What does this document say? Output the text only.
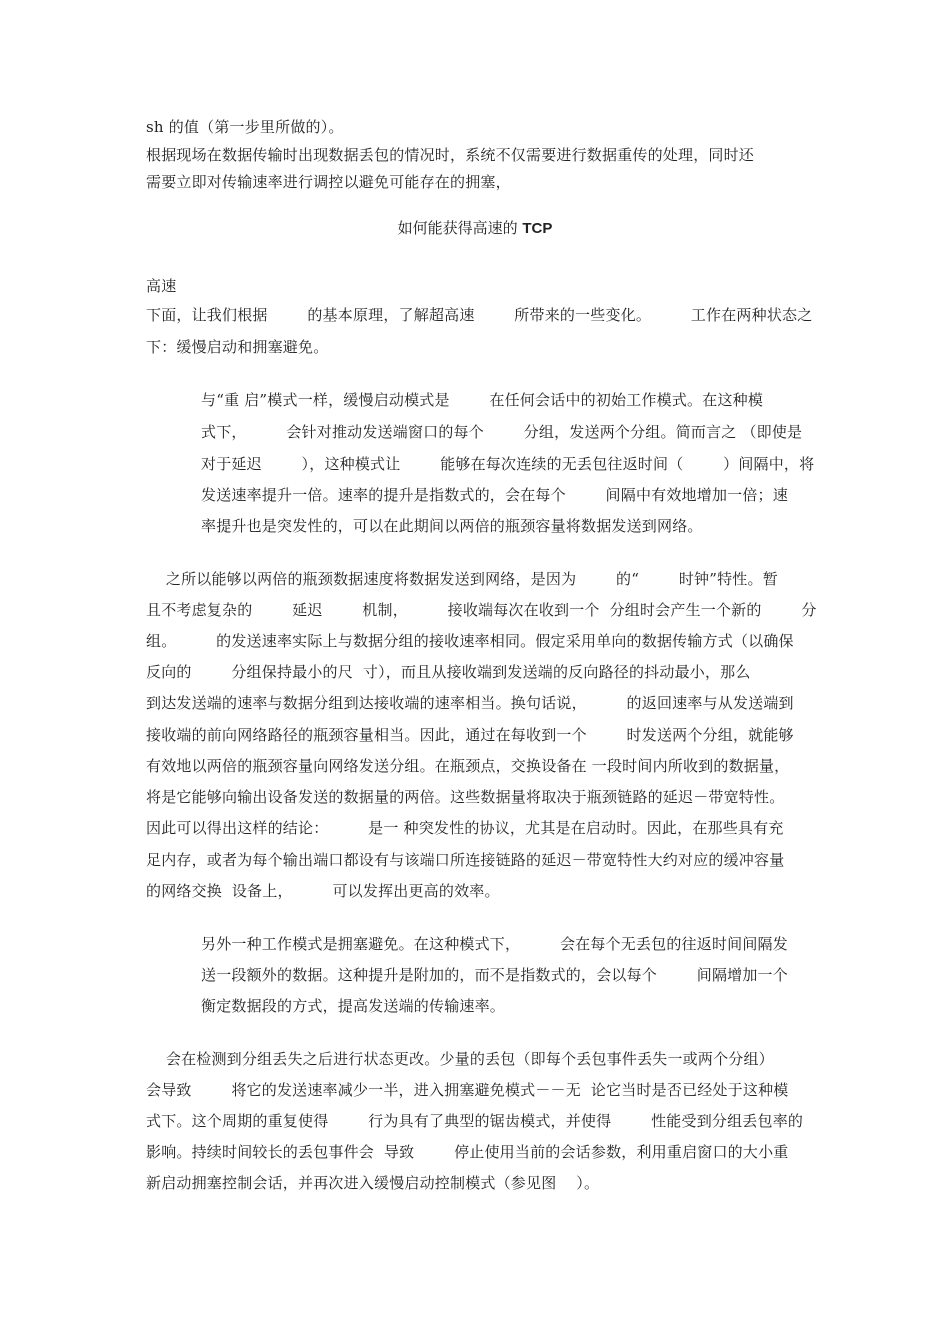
sh 的值（第一步里所做的）。
根据现场在数据传输时出现数据丢包的情况时，系统不仅需要进行数据重传的处理，同时还
需要立即对传输速率进行调控以避免可能存在的拥塞，
如何能获得高速的 TCP
高速
下面，让我们根据        的基本原理，了解超高速        所带来的一些变化。        工作在两种状态之
下：缓慢启动和拥塞避免。
与“重 启”模式一样，缓慢启动模式是        在任何会话中的初始工作模式。在这种模
式下，        会针对推动发送端窗口的每个        分组，发送两个分组。简而言之 （即使是
对于延迟        ），这种模式让        能够在每次连续的无丢包往返时间（        ）间隔中，将
发送速率提升一倍。速率的提升是指数式的，会在每个        间隔中有效地增加一倍；速
率提升也是突发性的，可以在此期间以两倍的瓶颈容量将数据发送到网络。
之所以能够以两倍的瓶颈数据速度将数据发送到网络，是因为        的“        时钟”特性。暂
且不考虑复杂的        延迟        机制，        接收端每次在收到一个  分组时会产生一个新的        分
组。        的发送速率实际上与数据分组的接收速率相同。假定采用单向的数据传输方式（以确保
反向的        分组保持最小的尺  寸），而且从接收端到发送端的反向路径的抖动最小，那么
到达发送端的速率与数据分组到达接收端的速率相当。换句话说，        的返回速率与从发送端到
接收端的前向网络路径的瓶颈容量相当。因此，通过在每收到一个        时发送两个分组，就能够
有效地以两倍的瓶颈容量向网络发送分组。在瓶颈点，交换设备在 一段时间内所收到的数据量，
将是它能够向输出设备发送的数据量的两倍。这些数据量将取决于瓶颈链路的延迟－带宽特性。
因此可以得出这样的结论：        是一 种突发性的协议，尤其是在启动时。因此，在那些具有充
足内存，或者为每个输出端口都设有与该端口所连接链路的延迟－带宽特性大约对应的缓冲容量
的网络交换  设备上，        可以发挥出更高的效率。
另外一种工作模式是拥塞避免。在这种模式下，        会在每个无丢包的往返时间间隔发
送一段额外的数据。这种提升是附加的，而不是指数式的，会以每个        间隔增加一个
衡定数据段的方式，提高发送端的传输速率。
会在检测到分组丢失之后进行状态更改。少量的丢包（即每个丢包事件丢失一或两个分组）
会导致        将它的发送速率减少一半，进入拥塞避免模式－－无  论它当时是否已经处于这种模
式下。这个周期的重复使得        行为具有了典型的锯齿模式，并使得        性能受到分组丢包率的
影响。持续时间较长的丢包事件会  导致        停止使用当前的会话参数，利用重启窗口的大小重
新启动拥塞控制会话，并再次进入缓慢启动控制模式（参见图    ）。
